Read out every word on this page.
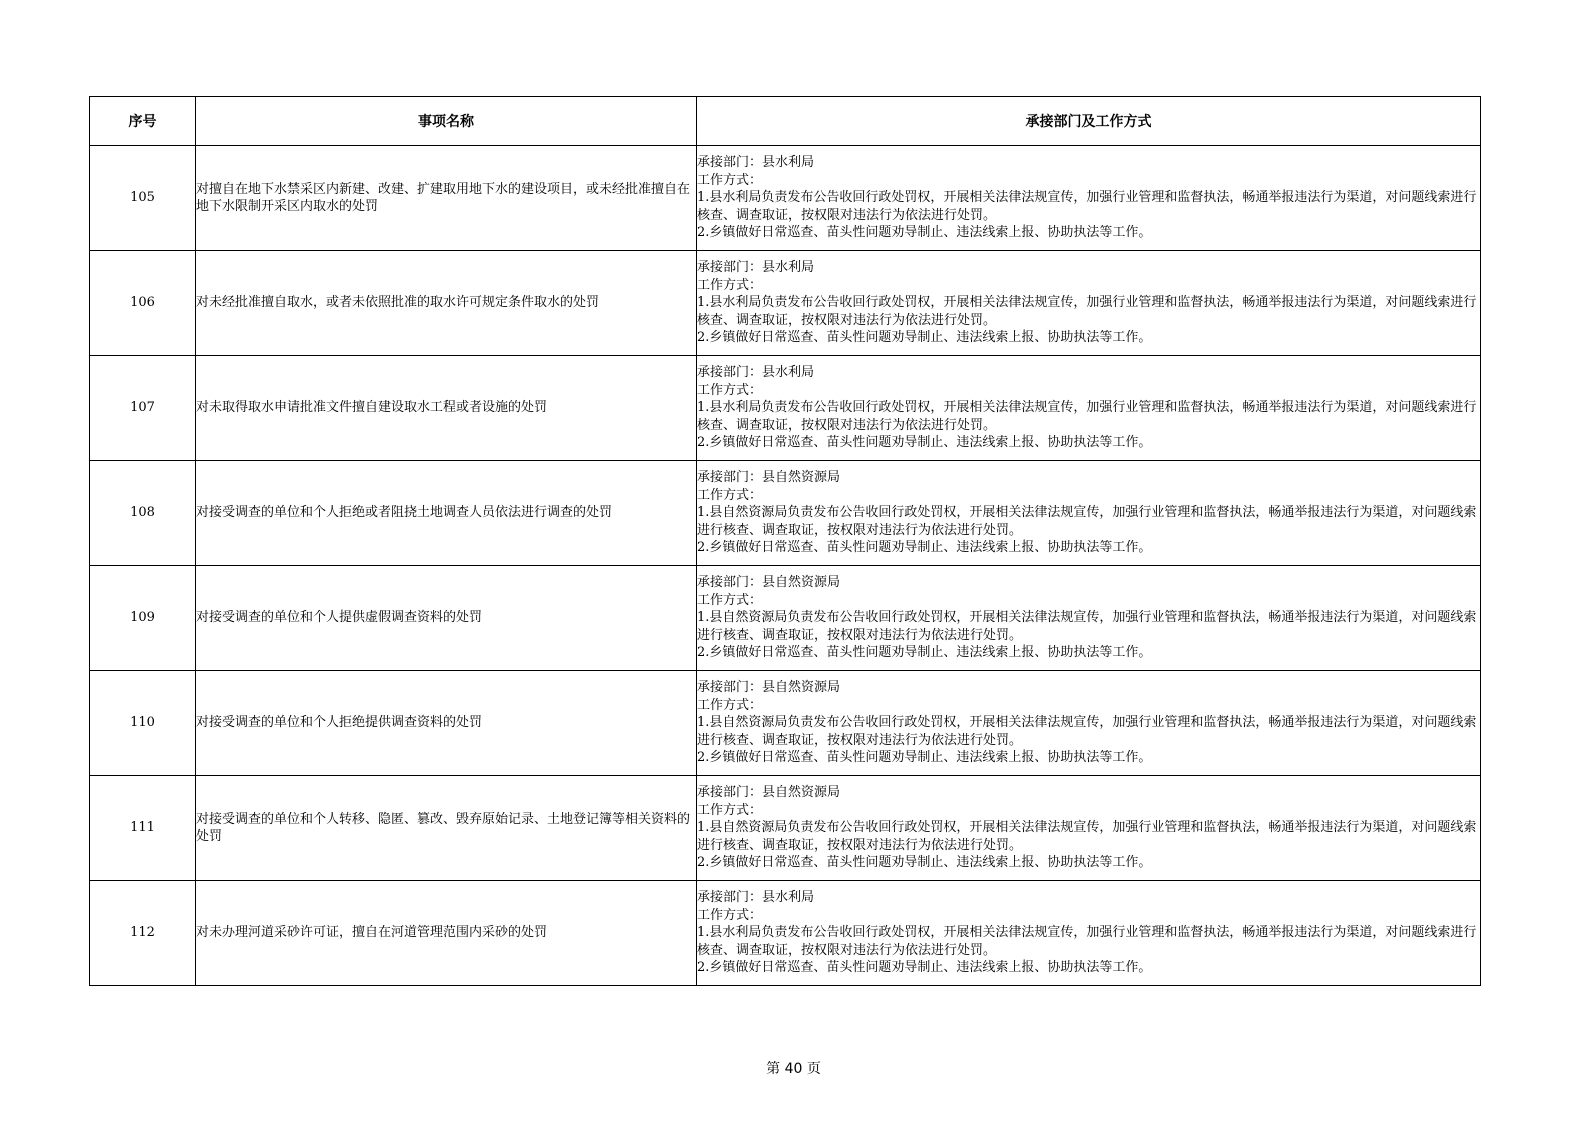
序号	事项名称	承接部门及工作方式
105	对擅自在地下水禁采区内新建、改建、扩建取用地下水的建设项目，或未经批准擅自在地下水限制开采区内取水的处罚	承接部门：县水利局
工作方式：
1.县水利局负责发布公告收回行政处罚权，开展相关法律法规宣传，加强行业管理和监督执法，畅通举报违法行为渠道，对问题线索进行核查、调查取证，按权限对违法行为依法进行处罚。
2.乡镇做好日常巡查、苗头性问题劝导制止、违法线索上报、协助执法等工作。

106	对未经批准擅自取水，或者未依照批准的取水许可规定条件取水的处罚	承接部门：县水利局
工作方式：
1.县水利局负责发布公告收回行政处罚权，开展相关法律法规宣传，加强行业管理和监督执法，畅通举报违法行为渠道，对问题线索进行核查、调查取证，按权限对违法行为依法进行处罚。
2.乡镇做好日常巡查、苗头性问题劝导制止、违法线索上报、协助执法等工作。

107	对未取得取水申请批准文件擅自建设取水工程或者设施的处罚	承接部门：县水利局
工作方式：
1.县水利局负责发布公告收回行政处罚权，开展相关法律法规宣传，加强行业管理和监督执法，畅通举报违法行为渠道，对问题线索进行核查、调查取证，按权限对违法行为依法进行处罚。
2.乡镇做好日常巡查、苗头性问题劝导制止、违法线索上报、协助执法等工作。

108	对接受调查的单位和个人拒绝或者阻挠土地调查人员依法进行调查的处罚	承接部门：县自然资源局
工作方式：
1.县自然资源局负责发布公告收回行政处罚权，开展相关法律法规宣传，加强行业管理和监督执法，畅通举报违法行为渠道，对问题线索进行核查、调查取证，按权限对违法行为依法进行处罚。
2.乡镇做好日常巡查、苗头性问题劝导制止、违法线索上报、协助执法等工作。

109	对接受调查的单位和个人提供虚假调查资料的处罚	承接部门：县自然资源局
工作方式：
1.县自然资源局负责发布公告收回行政处罚权，开展相关法律法规宣传，加强行业管理和监督执法，畅通举报违法行为渠道，对问题线索进行核查、调查取证，按权限对违法行为依法进行处罚。
2.乡镇做好日常巡查、苗头性问题劝导制止、违法线索上报、协助执法等工作。

110	对接受调查的单位和个人拒绝提供调查资料的处罚	承接部门：县自然资源局
工作方式：
1.县自然资源局负责发布公告收回行政处罚权，开展相关法律法规宣传，加强行业管理和监督执法，畅通举报违法行为渠道，对问题线索进行核查、调查取证，按权限对违法行为依法进行处罚。
2.乡镇做好日常巡查、苗头性问题劝导制止、违法线索上报、协助执法等工作。

111	对接受调查的单位和个人转移、隐匿、篡改、毁弃原始记录、土地登记簿等相关资料的处罚	承接部门：县自然资源局
工作方式：
1.县自然资源局负责发布公告收回行政处罚权，开展相关法律法规宣传，加强行业管理和监督执法，畅通举报违法行为渠道，对问题线索进行核查、调查取证，按权限对违法行为依法进行处罚。
2.乡镇做好日常巡查、苗头性问题劝导制止、违法线索上报、协助执法等工作。

112	对未办理河道采砂许可证，擅自在河道管理范围内采砂的处罚	承接部门：县水利局
工作方式：
1.县水利局负责发布公告收回行政处罚权，开展相关法律法规宣传，加强行业管理和监督执法，畅通举报违法行为渠道，对问题线索进行核查、调查取证，按权限对违法行为依法进行处罚。
2.乡镇做好日常巡查、苗头性问题劝导制止、违法线索上报、协助执法等工作。
第 40 页
